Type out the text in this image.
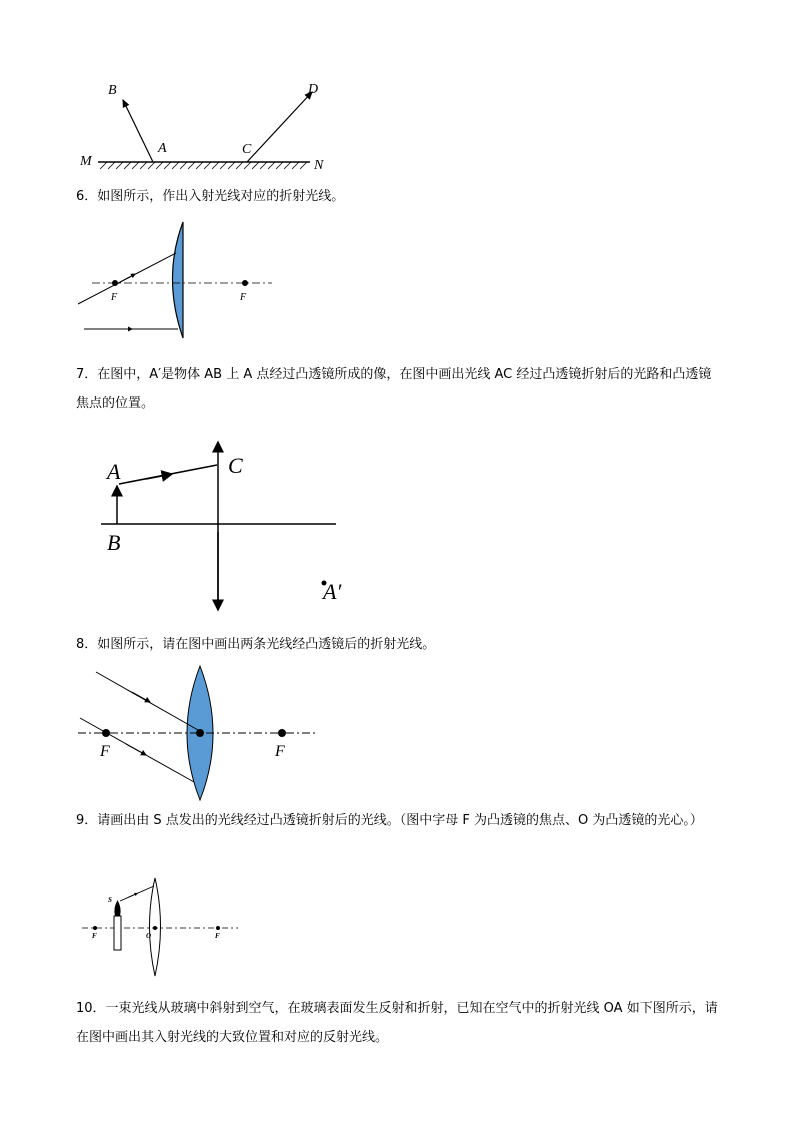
B	D
A	C
M	N
6．如图所示，作出入射光线对应的折射光线。
F	F
7．在图中，A′是物体 AB 上 A 点经过凸透镜所成的像，在图中画出光线 AC 经过凸透镜折射后的光路和凸透镜焦点的位置。
A
B
C
A′
8．如图所示，请在图中画出两条光线经凸透镜后的折射光线。
F	F
9．请画出由 S 点发出的光线经过凸透镜折射后的光线。（图中字母 F 为凸透镜的焦点、O 为凸透镜的光心。）
S
F	O	F
10．一束光线从玻璃中斜射到空气，在玻璃表面发生反射和折射，已知在空气中的折射光线 OA 如下图所示，请在图中画出其入射光线的大致位置和对应的反射光线。
